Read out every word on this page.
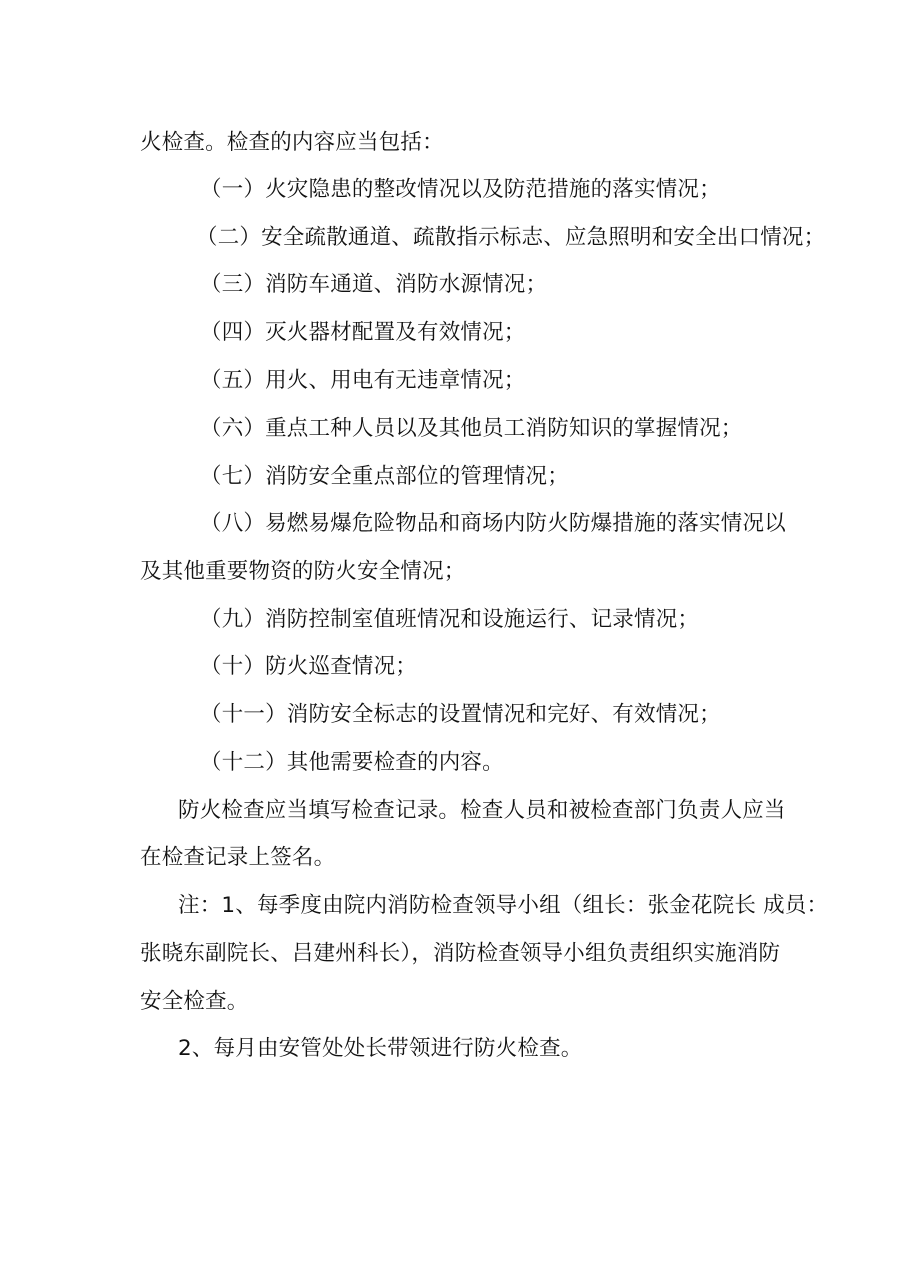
火检查。检查的内容应当包括：
（一）火灾隐患的整改情况以及防范措施的落实情况；
（二）安全疏散通道、疏散指示标志、应急照明和安全出口情况；
（三）消防车通道、消防水源情况；
（四）灭火器材配置及有效情况；
（五）用火、用电有无违章情况；
（六）重点工种人员以及其他员工消防知识的掌握情况；
（七）消防安全重点部位的管理情况；
（八）易燃易爆危险物品和商场内防火防爆措施的落实情况以
及其他重要物资的防火安全情况；
（九）消防控制室值班情况和设施运行、记录情况；
（十）防火巡查情况；
（十一）消防安全标志的设置情况和完好、有效情况；
（十二）其他需要检查的内容。
防火检查应当填写检查记录。检查人员和被检查部门负责人应当
在检查记录上签名。
注：1、每季度由院内消防检查领导小组（组长：张金花院长 成员：
张晓东副院长、吕建州科长），消防检查领导小组负责组织实施消防
安全检查。
2、每月由安管处处长带领进行防火检查。
